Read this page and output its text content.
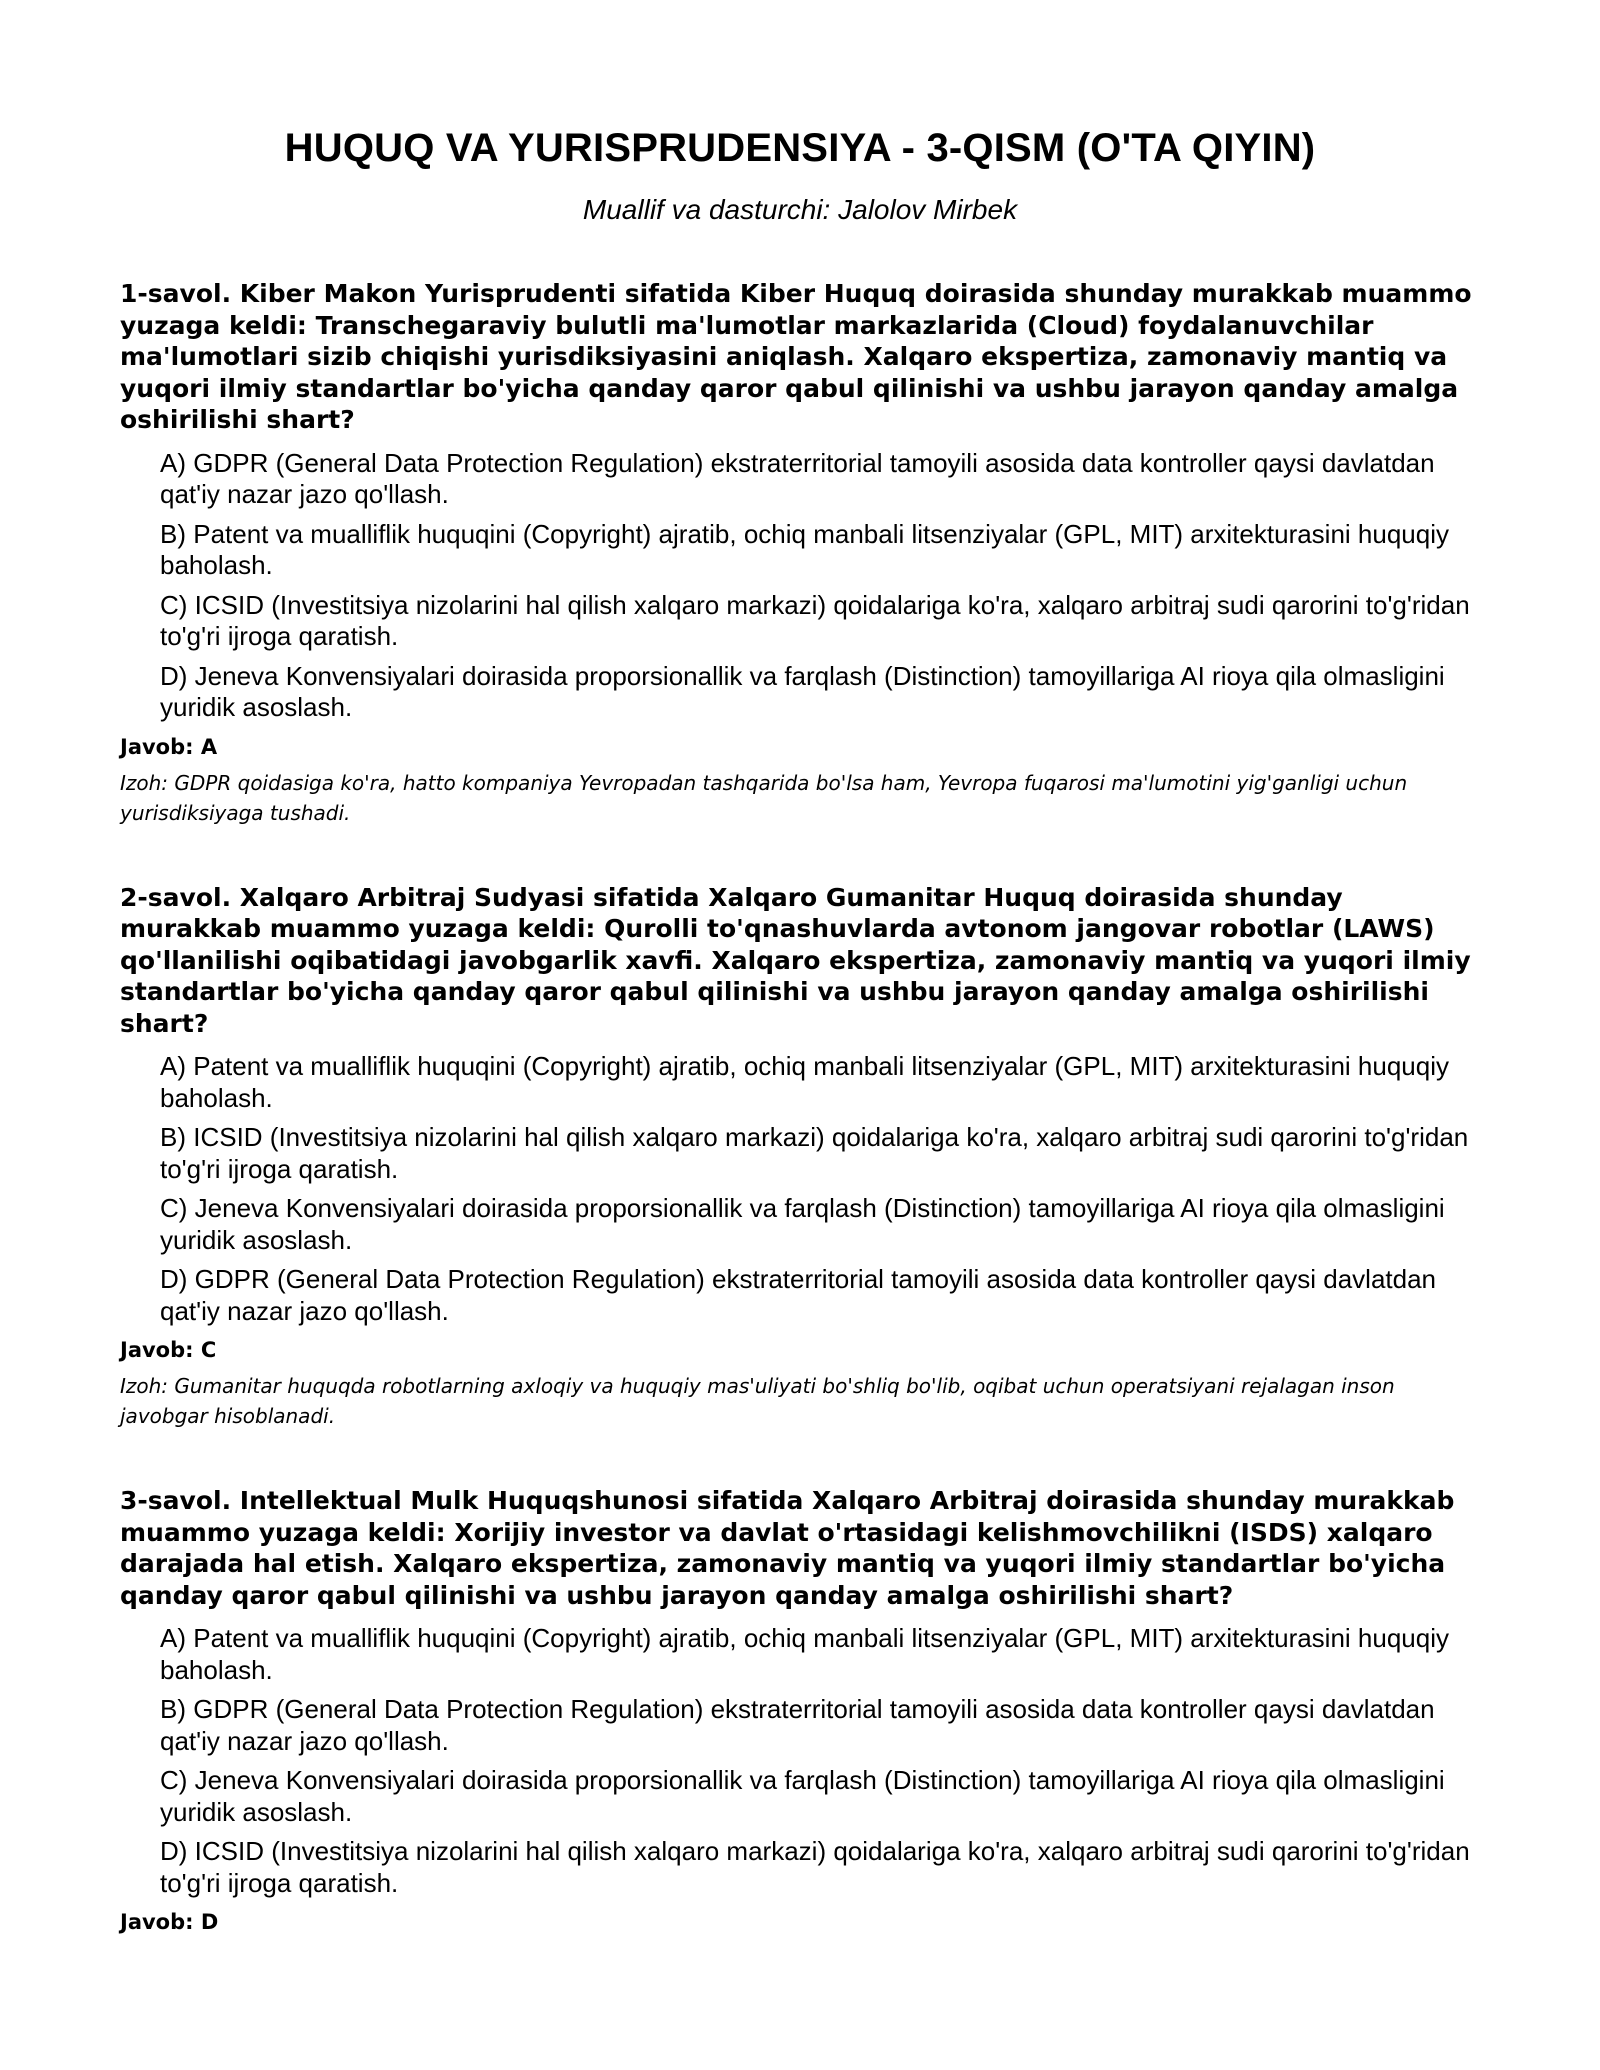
HUQUQ VA YURISPRUDENSIYA - 3-QISM (O'TA QIYIN)

Muallif va dasturchi: Jalolov Mirbek

1-savol. Kiber Makon Yurisprudenti sifatida Kiber Huquq doirasida shunday murakkab muammo yuzaga keldi: Transchegaraviy bulutli ma'lumotlar markazlarida (Cloud) foydalanuvchilar ma'lumotlari sizib chiqishi yurisdiksiyasini aniqlash. Xalqaro ekspertiza, zamonaviy mantiq va yuqori ilmiy standartlar bo'yicha qanday qaror qabul qilinishi va ushbu jarayon qanday amalga oshirilishi shart?

A) GDPR (General Data Protection Regulation) ekstraterritorial tamoyili asosida data kontroller qaysi davlatdan qat'iy nazar jazo qo'llash.

B) Patent va mualliflik huquqini (Copyright) ajratib, ochiq manbali litsenziyalar (GPL, MIT) arxitekturasini huquqiy baholash.

C) ICSID (Investitsiya nizolarini hal qilish xalqaro markazi) qoidalariga ko'ra, xalqaro arbitraj sudi qarorini to'g'ridan to'g'ri ijroga qaratish.

D) Jeneva Konvensiyalari doirasida proporsionallik va farqlash (Distinction) tamoyillariga AI rioya qila olmasligini yuridik asoslash.

Javob: A

Izoh: GDPR qoidasiga ko'ra, hatto kompaniya Yevropadan tashqarida bo'lsa ham, Yevropa fuqarosi ma'lumotini yig'ganligi uchun yurisdiksiyaga tushadi.

2-savol. Xalqaro Arbitraj Sudyasi sifatida Xalqaro Gumanitar Huquq doirasida shunday murakkab muammo yuzaga keldi: Qurolli to'qnashuvlarda avtonom jangovar robotlar (LAWS) qo'llanilishi oqibatidagi javobgarlik xavfi. Xalqaro ekspertiza, zamonaviy mantiq va yuqori ilmiy standartlar bo'yicha qanday qaror qabul qilinishi va ushbu jarayon qanday amalga oshirilishi shart?

A) Patent va mualliflik huquqini (Copyright) ajratib, ochiq manbali litsenziyalar (GPL, MIT) arxitekturasini huquqiy baholash.

B) ICSID (Investitsiya nizolarini hal qilish xalqaro markazi) qoidalariga ko'ra, xalqaro arbitraj sudi qarorini to'g'ridan to'g'ri ijroga qaratish.

C) Jeneva Konvensiyalari doirasida proporsionallik va farqlash (Distinction) tamoyillariga AI rioya qila olmasligini yuridik asoslash.

D) GDPR (General Data Protection Regulation) ekstraterritorial tamoyili asosida data kontroller qaysi davlatdan qat'iy nazar jazo qo'llash.

Javob: C

Izoh: Gumanitar huquqda robotlarning axloqiy va huquqiy mas'uliyati bo'shliq bo'lib, oqibat uchun operatsiyani rejalagan inson javobgar hisoblanadi.

3-savol. Intellektual Mulk Huquqshunosi sifatida Xalqaro Arbitraj doirasida shunday murakkab muammo yuzaga keldi: Xorijiy investor va davlat o'rtasidagi kelishmovchilikni (ISDS) xalqaro darajada hal etish. Xalqaro ekspertiza, zamonaviy mantiq va yuqori ilmiy standartlar bo'yicha qanday qaror qabul qilinishi va ushbu jarayon qanday amalga oshirilishi shart?

A) Patent va mualliflik huquqini (Copyright) ajratib, ochiq manbali litsenziyalar (GPL, MIT) arxitekturasini huquqiy baholash.

B) GDPR (General Data Protection Regulation) ekstraterritorial tamoyili asosida data kontroller qaysi davlatdan qat'iy nazar jazo qo'llash.

C) Jeneva Konvensiyalari doirasida proporsionallik va farqlash (Distinction) tamoyillariga AI rioya qila olmasligini yuridik asoslash.

D) ICSID (Investitsiya nizolarini hal qilish xalqaro markazi) qoidalariga ko'ra, xalqaro arbitraj sudi qarorini to'g'ridan to'g'ri ijroga qaratish.

Javob: D
